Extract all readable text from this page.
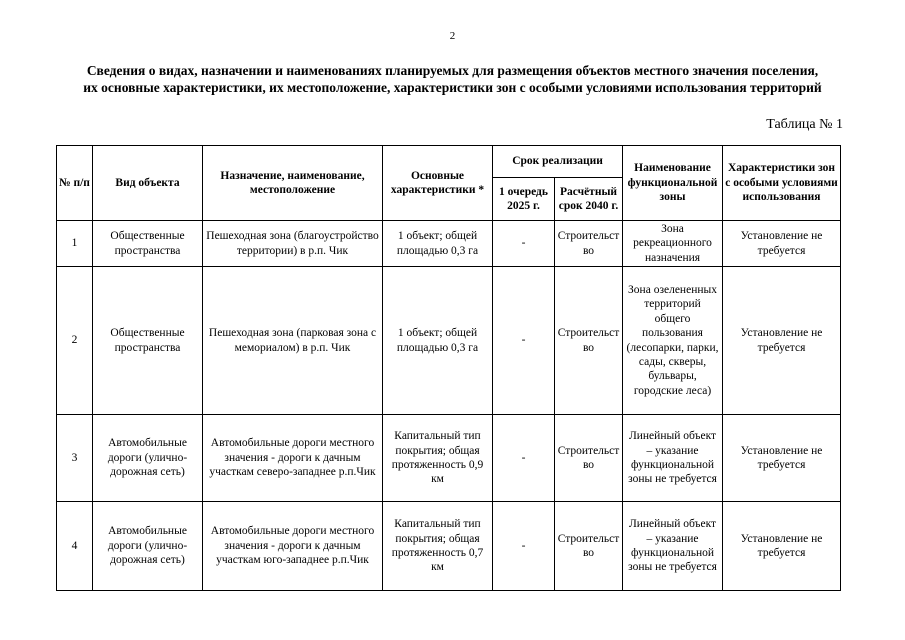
2
Сведения о видах, назначении и наименованиях планируемых для размещения объектов местного значения поселения, их основные характеристики, их местоположение, характеристики зон с особыми условиями использования территорий
Таблица № 1
№ п/п	Вид объекта	Назначение, наименование, местоположение	Основные характеристики *	Срок реализации		Наименование функциональной зоны	Характеристики зон с особыми условиями использования
				1 очередь 2025 г.	Расчётный срок 2040 г.		
1	Общественные пространства	Пешеходная зона (благоустройство территории) в р.п. Чик	1 объект; общей площадью 0,3 га	-	Строительство	Зона рекреационного назначения	Установление не требуется
2	Общественные пространства	Пешеходная зона (парковая зона с мемориалом) в р.п. Чик	1 объект; общей площадью 0,3 га	-	Строительство	Зона озелененных территорий общего пользования (лесопарки, парки, сады, скверы, бульвары, городские леса)	Установление не требуется
3	Автомобильные дороги (улично-дорожная сеть)	Автомобильные дороги местного значения - дороги к дачным участкам северо-западнее р.п.Чик	Капитальный тип покрытия; общая протяженность 0,9 км	-	Строительство	Линейный объект – указание функциональной зоны не требуется	Установление не требуется
4	Автомобильные дороги (улично-дорожная сеть)	Автомобильные дороги местного значения - дороги к дачным участкам юго-западнее р.п.Чик	Капитальный тип покрытия; общая протяженность 0,7 км	-	Строительство	Линейный объект – указание функциональной зоны не требуется	Установление не требуется
